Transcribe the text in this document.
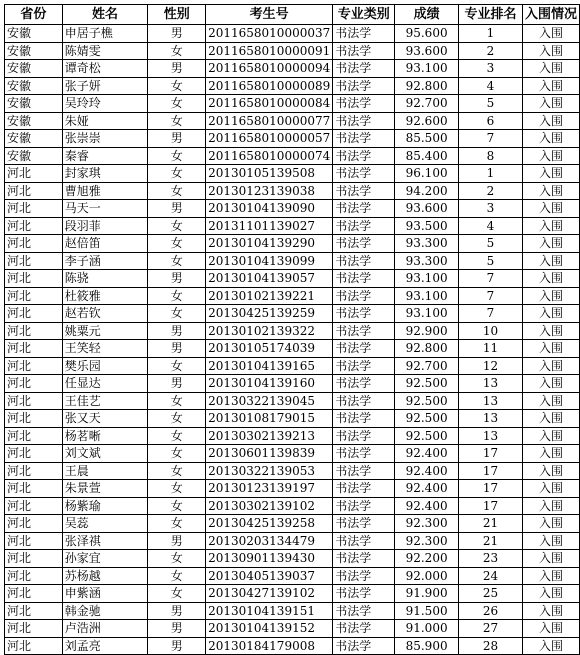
省份	姓名	性别	考生号	专业类别	成绩	专业排名	入围情况
安徽	申居子樵	男	2011658010000037	书法学	95.600	1	入围
安徽	陈婧雯	女	2011658010000091	书法学	93.600	2	入围
安徽	谭奇松	男	2011658010000094	书法学	93.100	3	入围
安徽	张子妍	女	2011658010000089	书法学	92.800	4	入围
安徽	吴玲玲	女	2011658010000084	书法学	92.700	5	入围
安徽	朱娅	女	2011658010000077	书法学	92.600	6	入围
安徽	张崇崇	男	2011658010000057	书法学	85.500	7	入围
安徽	秦睿	女	2011658010000074	书法学	85.400	8	入围
河北	封家琪	女	20130105139508	书法学	96.100	1	入围
河北	曹旭雅	女	20130123139038	书法学	94.200	2	入围
河北	马天一	男	20130104139090	书法学	93.600	3	入围
河北	段羽菲	女	20131101139027	书法学	93.500	4	入围
河北	赵倍笛	女	20130104139290	书法学	93.300	5	入围
河北	李子涵	女	20130104139099	书法学	93.300	5	入围
河北	陈骁	男	20130104139057	书法学	93.100	7	入围
河北	杜筱雅	女	20130102139221	书法学	93.100	7	入围
河北	赵若钦	女	20130425139259	书法学	93.100	7	入围
河北	姚粟元	男	20130102139322	书法学	92.900	10	入围
河北	王笑轻	男	20130105174039	书法学	92.800	11	入围
河北	樊乐园	女	20130104139165	书法学	92.700	12	入围
河北	任显达	男	20130104139160	书法学	92.500	13	入围
河北	王佳艺	女	20130322139045	书法学	92.500	13	入围
河北	张又天	女	20130108179015	书法学	92.500	13	入围
河北	杨茗晰	女	20130302139213	书法学	92.500	13	入围
河北	刘文斌	女	20130601139839	书法学	92.400	17	入围
河北	王晨	女	20130322139053	书法学	92.400	17	入围
河北	朱景萱	女	20130123139197	书法学	92.400	17	入围
河北	杨紫瑜	女	20130302139102	书法学	92.400	17	入围
河北	吴蕊	女	20130425139258	书法学	92.300	21	入围
河北	张泽祺	男	20130203134479	书法学	92.300	21	入围
河北	孙家宜	女	20130901139430	书法学	92.200	23	入围
河北	苏杨越	女	20130405139037	书法学	92.000	24	入围
河北	申紫涵	女	20130427139102	书法学	91.900	25	入围
河北	韩金驰	男	20130104139151	书法学	91.500	26	入围
河北	卢浩洲	男	20130104139152	书法学	91.000	27	入围
河北	刘孟亮	男	20130184179008	书法学	85.900	28	入围
